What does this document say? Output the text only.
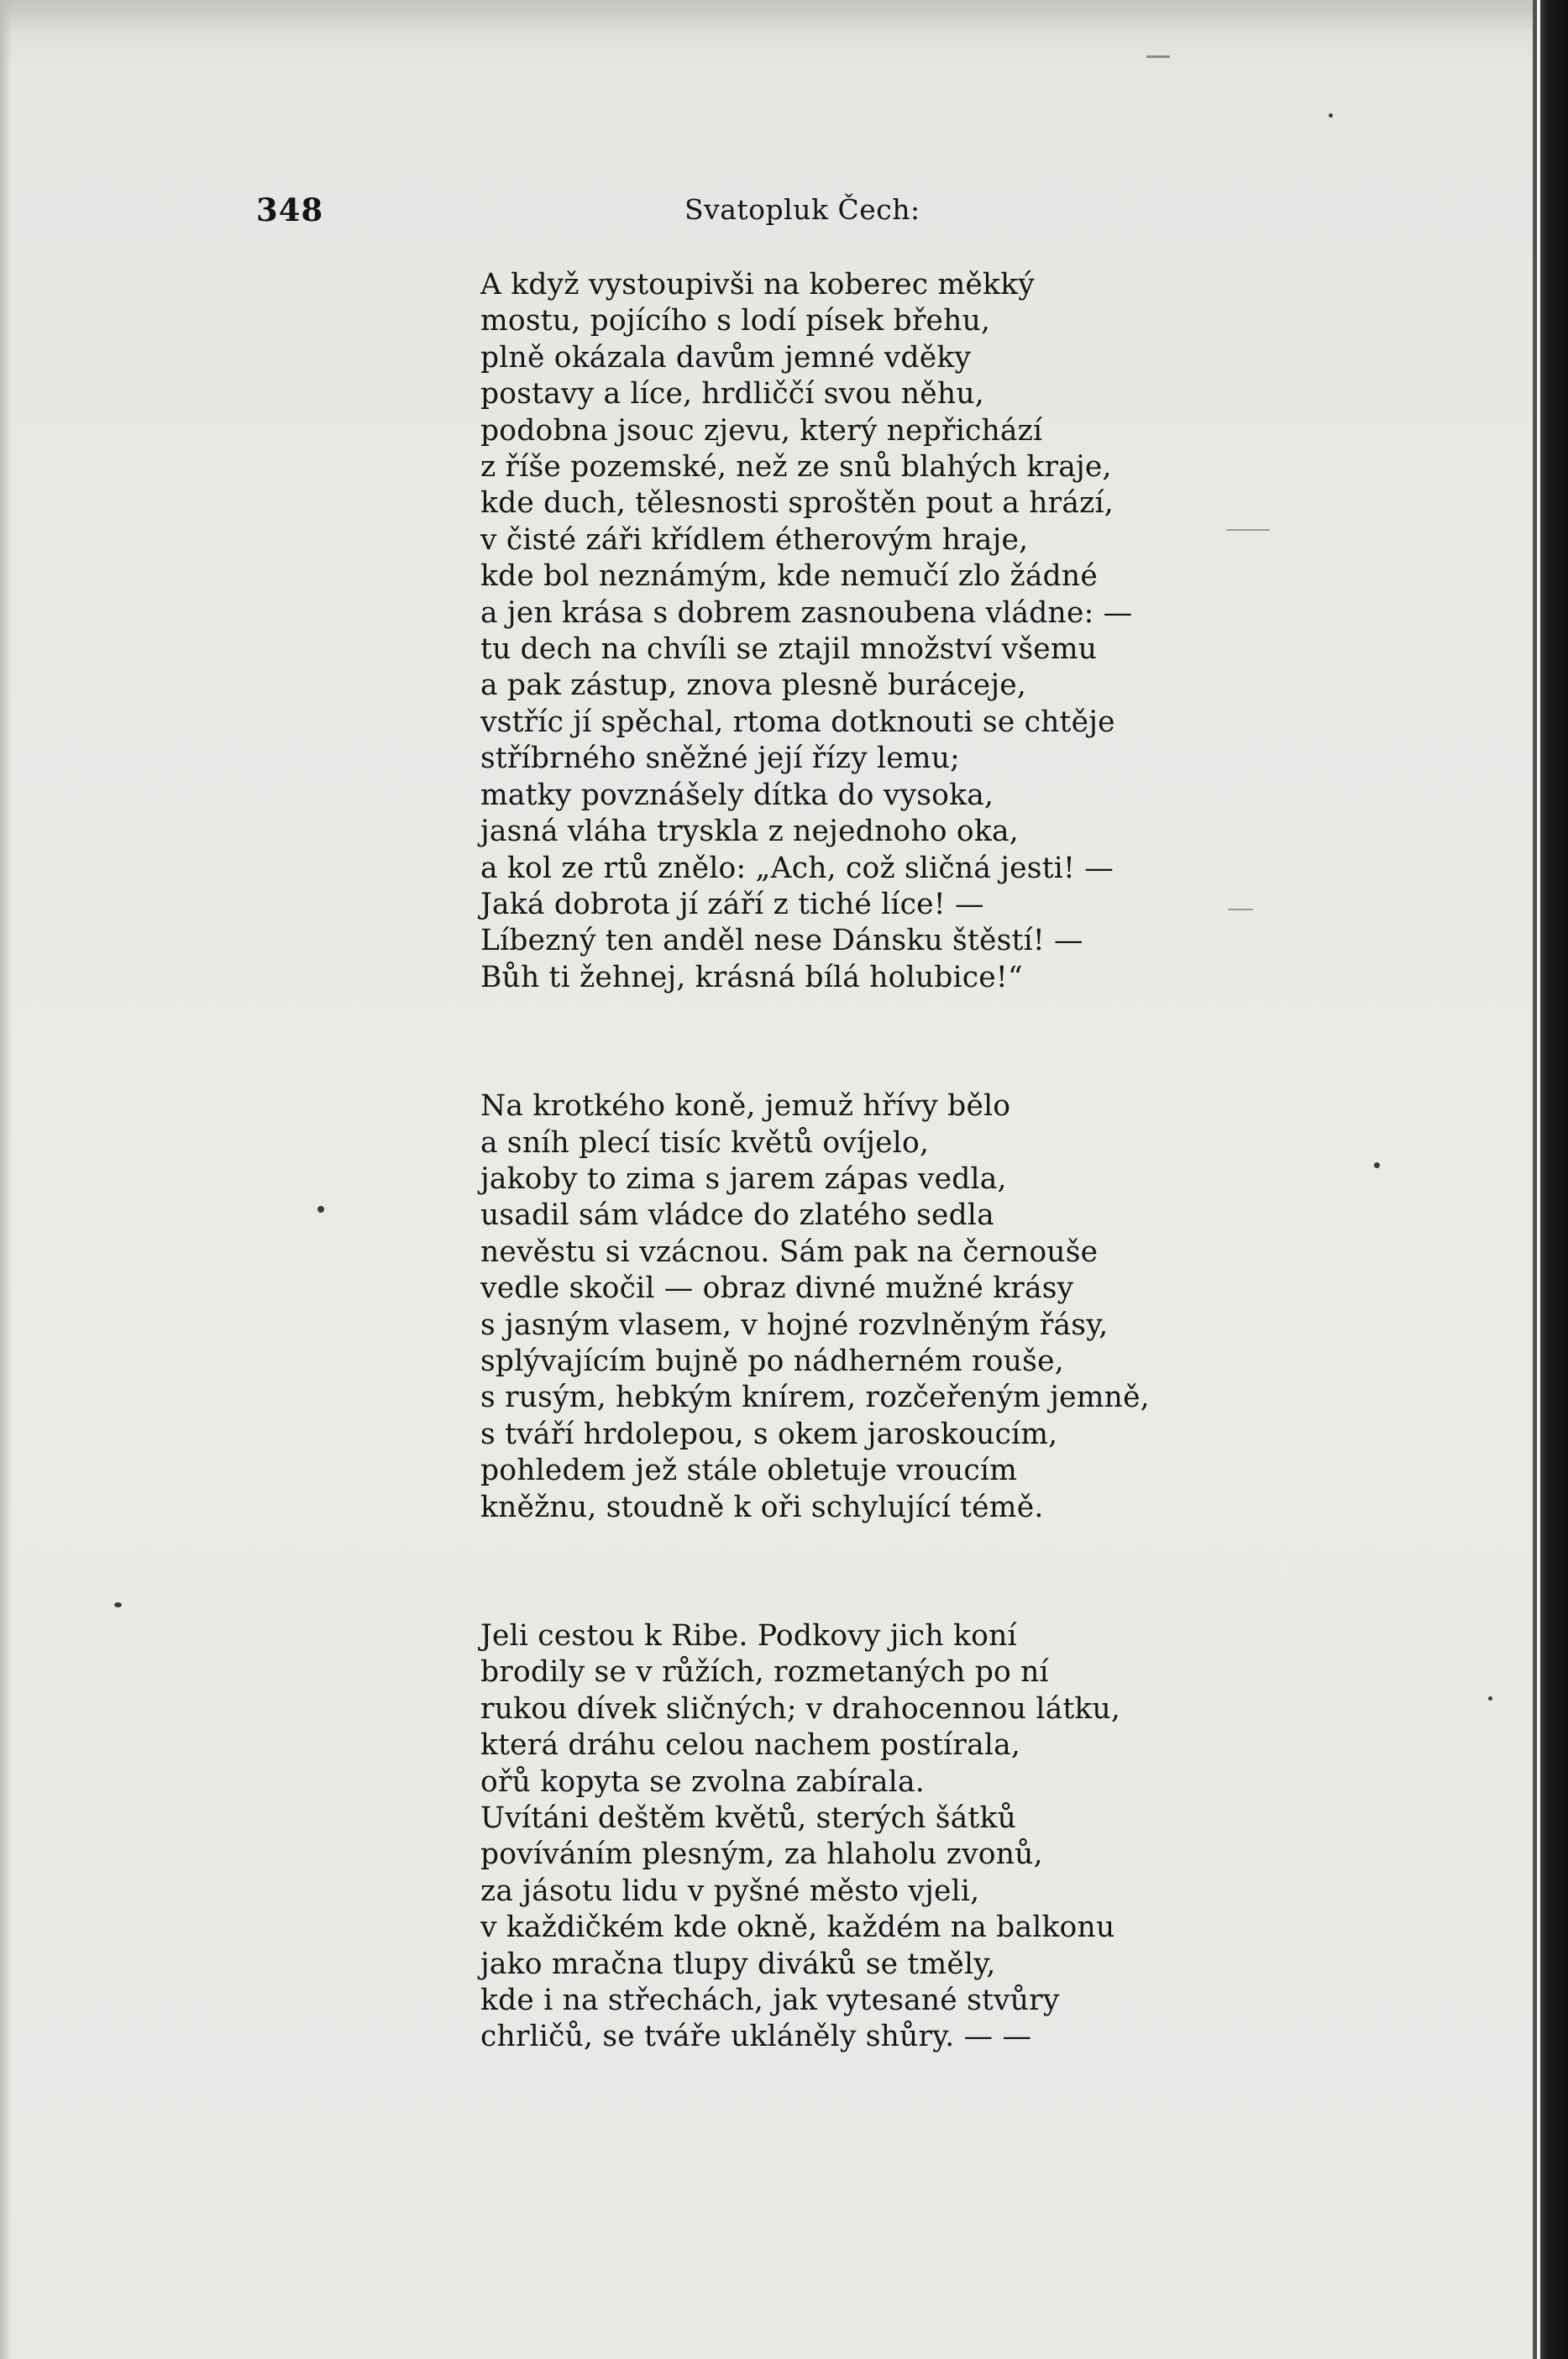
348	Svatopluk Čech:
A když vystoupivši na koberec měkký
mostu, pojícího s lodí písek břehu,
plně okázala davům jemné vděky
postavy a líce, hrdliččí svou něhu,
podobna jsouc zjevu, který nepřichází
z říše pozemské, než ze snů blahých kraje,
kde duch, tělesnosti sproštěn pout a hrází,
v čisté záři křídlem étherovým hraje,
kde bol neznámým, kde nemučí zlo žádné
a jen krása s dobrem zasnoubena vládne: —
tu dech na chvíli se ztajil množství všemu
a pak zástup, znova plesně buráceje,
vstříc jí spěchal, rtoma dotknouti se chtěje
stříbrného sněžné její řízy lemu;
matky povznášely dítka do vysoka,
jasná vláha tryskla z nejednoho oka,
a kol ze rtů znělo: „Ach, což sličná jesti! —
Jaká dobrota jí září z tiché líce! —
Líbezný ten anděl nese Dánsku štěstí! —
Bůh ti žehnej, krásná bílá holubice!“
Na krotkého koně, jemuž hřívy bělo
a sníh plecí tisíc květů ovíjelo,
jakoby to zima s jarem zápas vedla,
usadil sám vládce do zlatého sedla
nevěstu si vzácnou. Sám pak na černouše
vedle skočil — obraz divné mužné krásy
s jasným vlasem, v hojné rozvlněným řásy,
splývajícím bujně po nádherném rouše,
s rusým, hebkým knírem, rozčeřeným jemně,
s tváří hrdolepou, s okem jaroskoucím,
pohledem jež stále obletuje vroucím
kněžnu, stoudně k oři schylující témě.
Jeli cestou k Ribe. Podkovy jich koní
brodily se v růžích, rozmetaných po ní
rukou dívek sličných; v drahocennou látku,
která dráhu celou nachem postírala,
ořů kopyta se zvolna zabírala.
Uvítáni deštěm květů, sterých šátků
povíváním plesným, za hlaholu zvonů,
za jásotu lidu v pyšné město vjeli,
v každičkém kde okně, každém na balkonu
jako mračna tlupy diváků se tměly,
kde i na střechách, jak vytesané stvůry
chrličů, se tváře ukláněly shůry. — —
